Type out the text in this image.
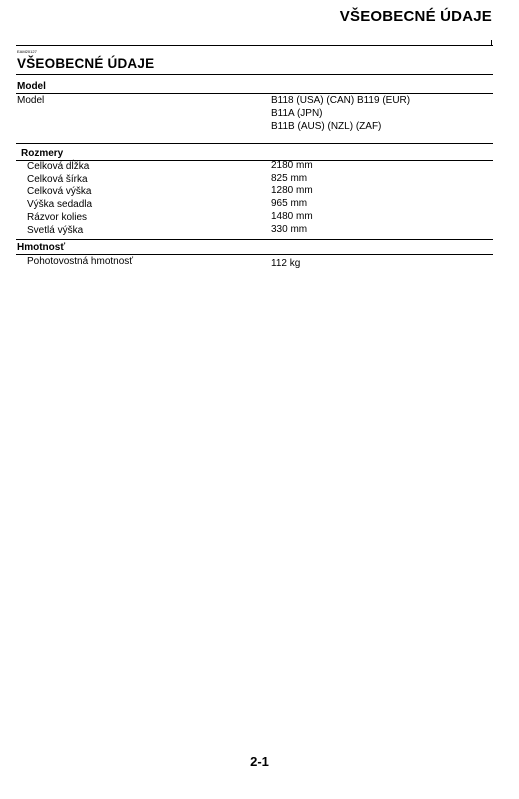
VŠEOBECNÉ ÚDAJE
EAM20127
VŠEOBECNÉ ÚDAJE
Model
Model	B118 (USA) (CAN) B119 (EUR)
B11A (JPN)
B11B (AUS) (NZL) (ZAF)
Rozmery
Celková dĺžka	2180 mm
Celková šírka	825 mm
Celková výška	1280 mm
Výška sedadla	965 mm
Rázvor kolies	1480 mm
Svetlá výška	330 mm
Hmotnosť
Pohotovostná hmotnosť	112 kg
2-1
